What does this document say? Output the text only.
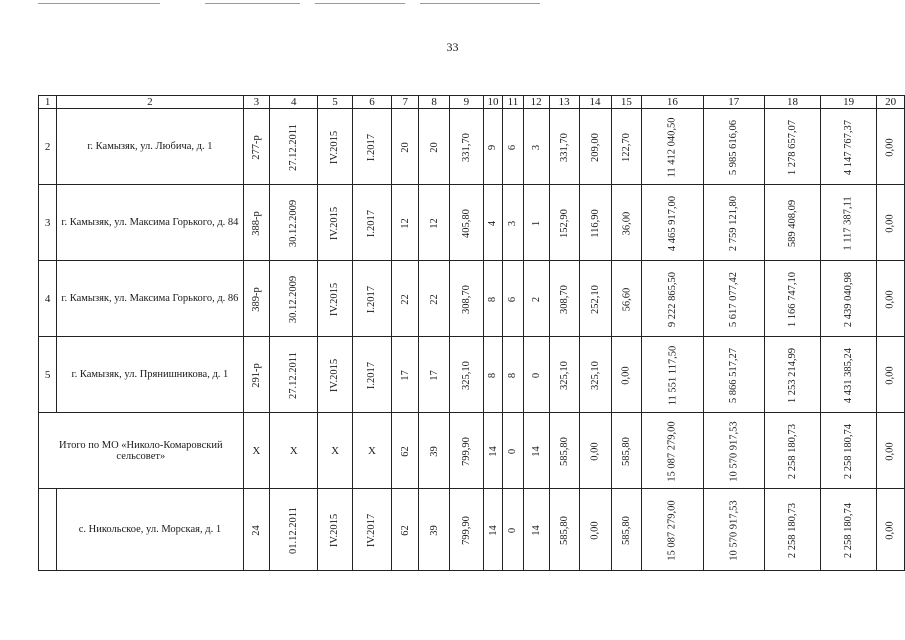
33
1	2	3	4	5	6	7	8	9	10	11	12	13	14	15	16	17	18	19	20
2	г. Камызяк, ул. Любича, д. 1	277-р	27.12.2011	IV.2015	I.2017	20	20	331,70	9	6	3	331,70	209,00	122,70	11 412 040,50	5 985 616,06	1 278 657,07	4 147 767,37	0,00
3	г. Камызяк, ул. Максима Горького, д. 84	388-р	30.12.2009	IV.2015	I.2017	12	12	405,80	4	3	1	152,90	116,90	36,00	4 465 917,00	2 759 121,80	589 408,09	1 117 387,11	0,00
4	г. Камызяк, ул. Максима Горького, д. 86	389-р	30.12.2009	IV.2015	I.2017	22	22	308,70	8	6	2	308,70	252,10	56,60	9 222 865,50	5 617 077,42	1 166 747,10	2 439 040,98	0,00
5	г. Камызяк, ул. Прянишникова, д. 1	291-р	27.12.2011	IV.2015	I.2017	17	17	325,10	8	8	0	325,10	325,10	0,00	11 551 117,50	5 866 517,27	1 253 214,99	4 431 385,24	0,00
Итого по МО «Николо-Комаровский сельсовет»		X	X	X	X	62	39	799,90	14	0	14	585,80	0,00	585,80	15 087 279,00	10 570 917,53	2 258 180,73	2 258 180,74	0,00
	с. Никольское, ул. Морская, д. 1	24	01.12.2011	IV.2015	IV.2017	62	39	799,90	14	0	14	585,80	0,00	585,80	15 087 279,00	10 570 917,53	2 258 180,73	2 258 180,74	0,00
